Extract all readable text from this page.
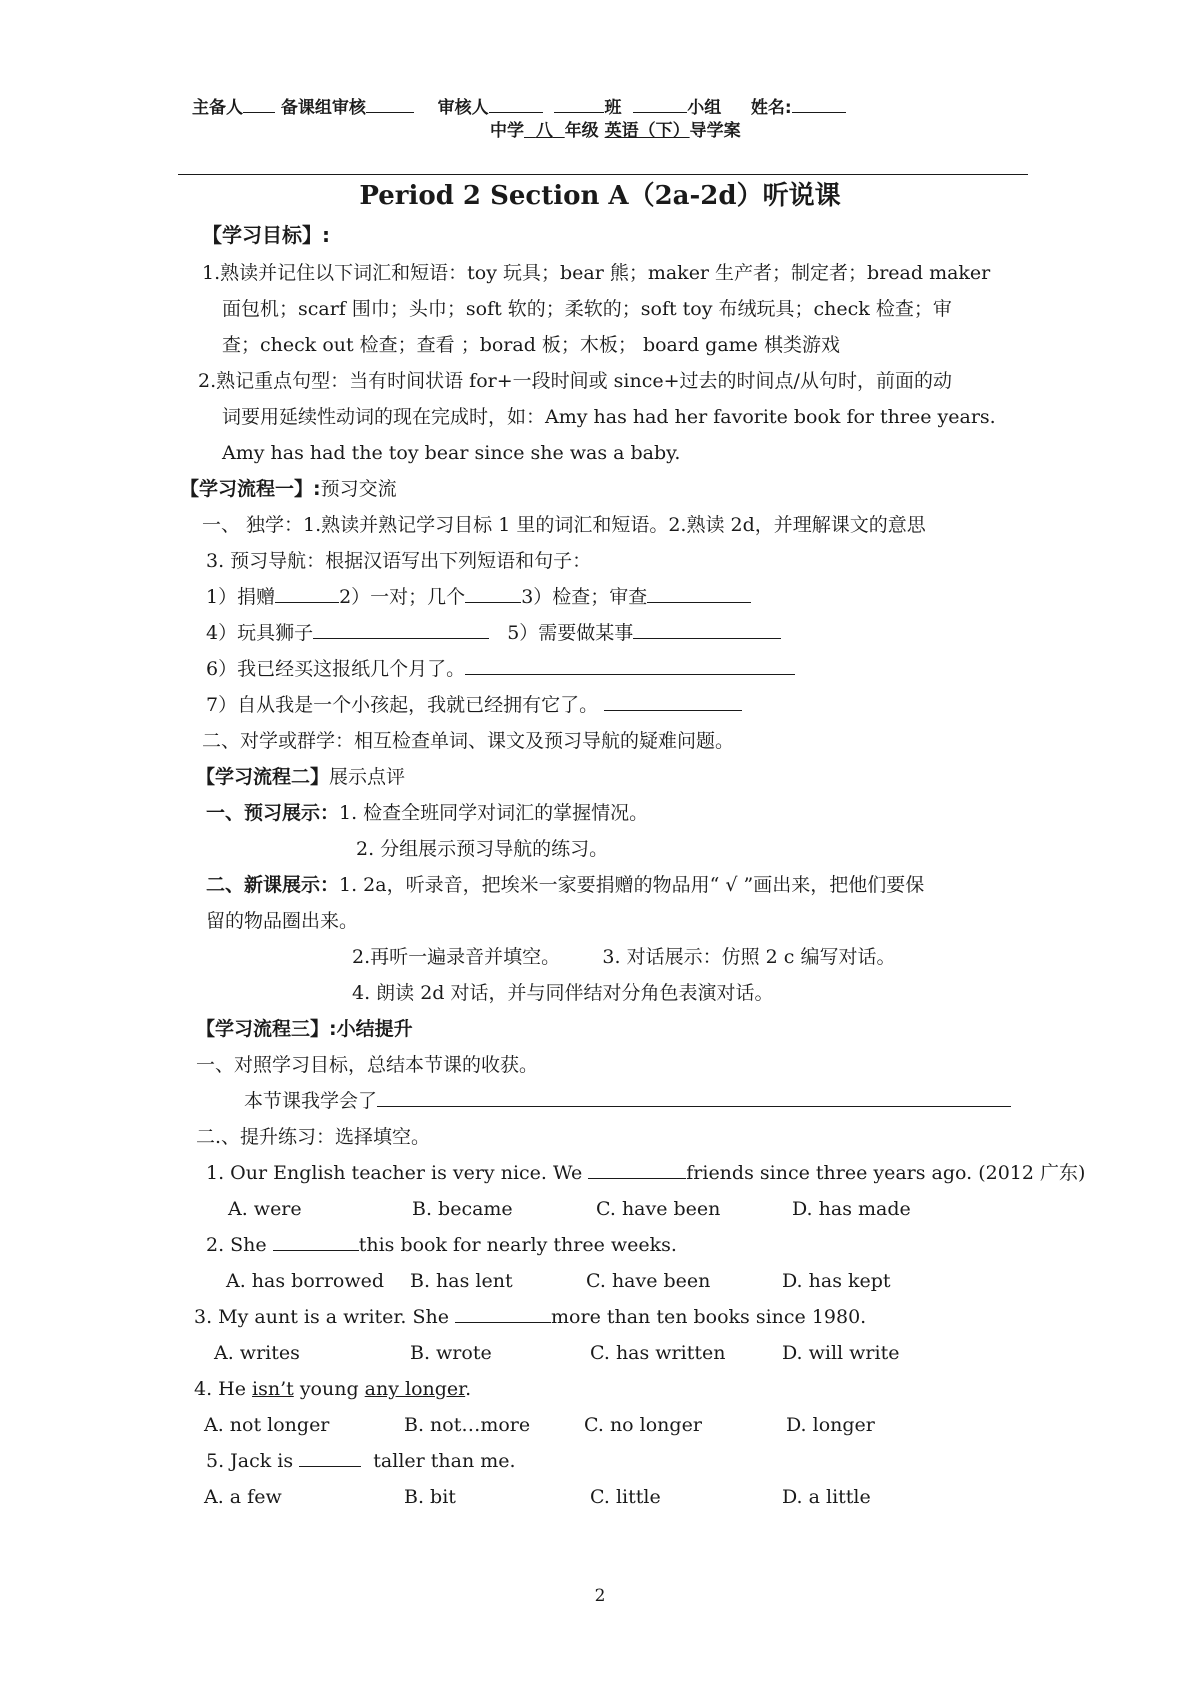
主备人 备课组审核	审核人	班	小组 姓名:
中学 八 年级 英语（下）导学案
Period 2 Section A（2a-2d）听说课
【学习目标】:
1.熟读并记住以下词汇和短语：toy 玩具；bear 熊；maker 生产者；制定者；bread maker
面包机；scarf 围巾；头巾；soft 软的；柔软的；soft toy 布绒玩具；check 检查；审
查；check out 检查；查看 ；borad 板；木板； board game 棋类游戏
2.熟记重点句型：当有时间状语 for+一段时间或 since+过去的时间点/从句时，前面的动
词要用延续性动词的现在完成时，如：Amy has had her favorite book for three years.
Amy has had the toy bear since she was a baby.
【学习流程一】:预习交流
一、 独学：1.熟读并熟记学习目标 1 里的词汇和短语。2.熟读 2d，并理解课文的意思
3. 预习导航：根据汉语写出下列短语和句子：
1）捐赠	2）一对；几个	3）检查；审查
4）玩具狮子	5）需要做某事
6）我已经买这报纸几个月了。
7）自从我是一个小孩起，我就已经拥有它了。
二、对学或群学：相互检查单词、课文及预习导航的疑难问题。
【学习流程二】展示点评
一、预习展示：1. 检查全班同学对词汇的掌握情况。
2. 分组展示预习导航的练习。
二、新课展示：1. 2a，听录音，把埃米一家要捐赠的物品用“ √ ”画出来，把他们要保
留的物品圈出来。
2.再听一遍录音并填空。 3. 对话展示：仿照 2 c 编写对话。
4. 朗读 2d 对话，并与同伴结对分角色表演对话。
【学习流程三】:小结提升
一、对照学习目标，总结本节课的收获。
本节课我学会了
二.、提升练习：选择填空。
1. Our English teacher is very nice. We	friends since three years ago. (2012 广东)
A. were	B. became	C. have been	D. has made
2. She	this book for nearly three weeks.
A. has borrowed B. has lent	C. have been	D. has kept
3. My aunt is a writer. She	more than ten books since 1980.
A. writes	B. wrote	C. has written	D. will write
4. He isn’t young any longer.
A. not longer	B. not…more	C. no longer	D. longer
5. Jack is	taller than me.
A. a few	B. bit	C. little	D. a little
2
